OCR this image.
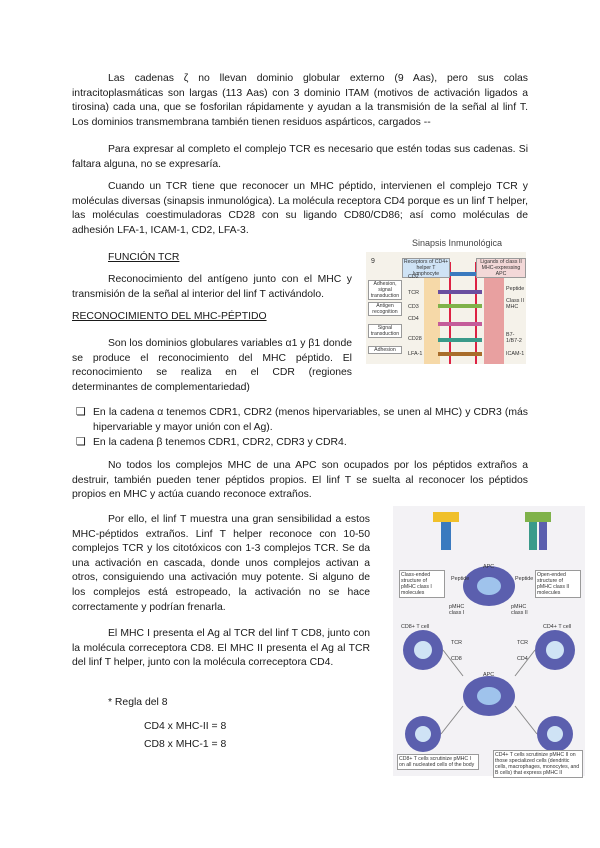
Las cadenas ζ no llevan dominio globular externo (9 Aas), pero sus colas intracitoplasmáticas son largas (113 Aas) con 3 dominio ITAM (motivos de activación ligados a tirosina) cada una, que se fosforilan rápidamente y ayudan a la transmisión de la señal al linf T. Los dominios transmembrana también tienen residuos aspárticos, cargados --

Para expresar al completo el complejo TCR es necesario que estén todas sus cadenas. Si faltara alguna, no se expresaría.

Cuando un TCR tiene que reconocer un MHC péptido, intervienen el complejo TCR y moléculas diversas (sinapsis inmunológica). La molécula receptora CD4 porque es un linf T helper, las moléculas coestimuladoras CD28 con su ligando CD80/CD86; así como moléculas de adhesión LFA-1, ICAM-1, CD2, LFA-3.

FUNCIÓN TCR

Reconocimiento del antígeno junto con el MHC y transmisión de la señal al interior del linf T activándolo.

RECONOCIMIENTO DEL MHC-PÉPTIDO

Son los dominios globulares variables α1 y β1 donde se produce el reconocimiento del MHC péptido. El reconocimiento se realiza en el CDR (regiones determinantes de complementariedad)

❏ En la cadena α tenemos CDR1, CDR2 (menos hipervariables, se unen al MHC) y CDR3 (más hipervariable y mayor unión con el Ag).

❏ En la cadena β tenemos CDR1, CDR2, CDR3 y CDR4.

No todos los complejos MHC de una APC son ocupados por los péptidos extraños a destruir, también pueden tener péptidos propios. El linf T se suelta al reconocer los péptidos propios en MHC y actúa cuando reconoce extraños.

Por ello, el linf T muestra una gran sensibilidad a estos MHC-péptidos extraños. Linf T helper reconoce con 10-50 complejos TCR y los citotóxicos con 1-3 complejos TCR. Se da una activación en cascada, donde unos complejos activan a otros, consiguiendo una activación muy potente. Si alguno de los complejos está estropeado, la activación no se hace correctamente y podrían frenarla.

El MHC I presenta el Ag al TCR del linf T CD8, junto con la molécula correceptora CD8. El MHC II presenta el Ag al TCR del linf T helper, junto con la molécula correceptora CD4.

* Regla del 8

CD4 x MHC-II = 8

CD8 x MHC-1 = 8

Sinapsis Inmunológica
9	Receptors of CD4+ helper T lymphocyte
Ligands of class II MHC-expressing APC
Adhesion, signal transduction
Antigen recognition
Signal transduction
Adhesion
CD2
TCR
CD3
CD4
CD28
LFA-1
Peptide
Class II MHC
B7-1/B7-2
ICAM-1
Class-ended structure of pMHC class I molecules
Open-ended structure of pMHC class II molecules
APC
Peptide	Peptide
pMHC class I
pMHC class II
CD8+ T cell	CD4+ T cell
TCR	TCR
CD8	CD4
APC
CD8+ T cells scrutinize pMHC I on all nucleated cells of the body
CD4+ T cells scrutinize pMHC II on those specialized cells (dendritic cells, macrophages, monocytes, and B cells) that express pMHC II
